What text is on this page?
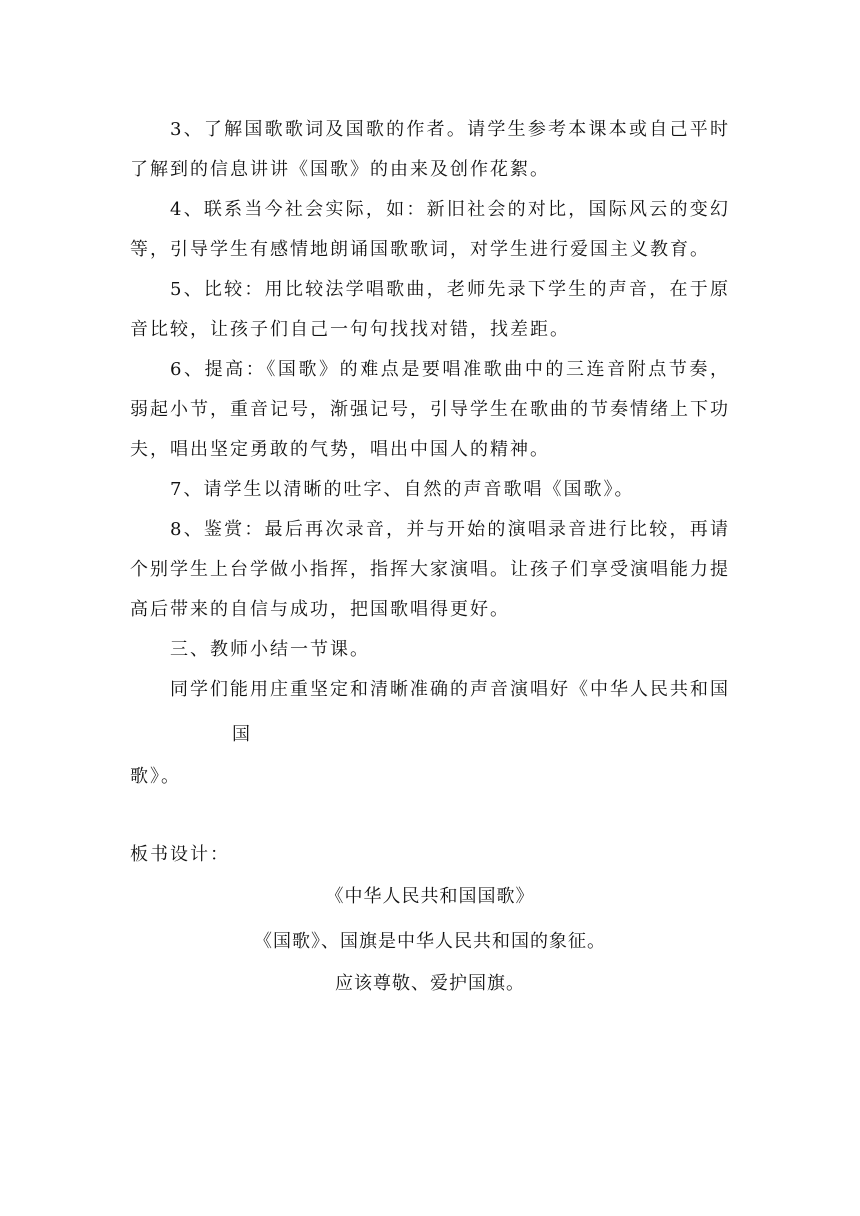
3、了解国歌歌词及国歌的作者。请学生参考本课本或自己平时了解到的信息讲讲《国歌》的由来及创作花絮。

4、联系当今社会实际，如：新旧社会的对比，国际风云的变幻等，引导学生有感情地朗诵国歌歌词，对学生进行爱国主义教育。

5、比较：用比较法学唱歌曲，老师先录下学生的声音，在于原音比较，让孩子们自己一句句找找对错，找差距。

6、提高：《国歌》的难点是要唱准歌曲中的三连音附点节奏，弱起小节，重音记号，渐强记号，引导学生在歌曲的节奏情绪上下功夫，唱出坚定勇敢的气势，唱出中国人的精神。

7、请学生以清晰的吐字、自然的声音歌唱《国歌》。

8、鉴赏：最后再次录音，并与开始的演唱录音进行比较，再请个别学生上台学做小指挥，指挥大家演唱。让孩子们享受演唱能力提高后带来的自信与成功，把国歌唱得更好。

三、教师小结一节课。

同学们能用庄重坚定和清晰准确的声音演唱好《中华人民共和国

国

歌》。

板书设计：

《中华人民共和国国歌》

《国歌》、国旗是中华人民共和国的象征。

应该尊敬、爱护国旗。
